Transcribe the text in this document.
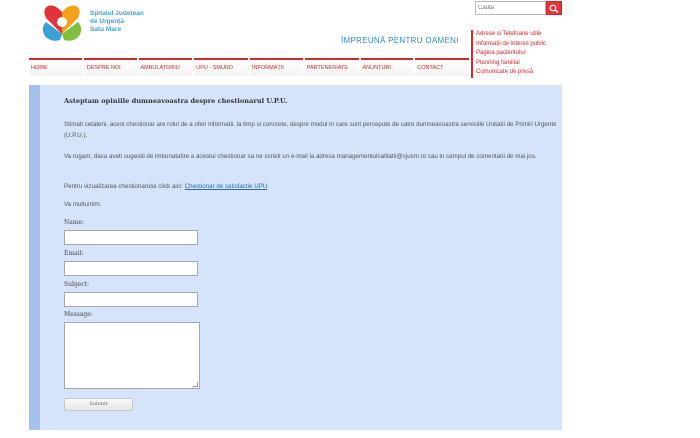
Spitalul Județean
de Urgență
Satu Mare
ÎMPREUNĂ PENTRU OAMENI
Caută
Adrese și Telefoane utile
Informații de interes public
Pagina pacientului
Planning familial
Comunicate de presă
HOME	DESPRE NOI	AMBULATORIU	UPU - SMURD	INFORMAȚII	PARTENERIATE	ANUNȚURI	CONTACT
Asteptam opiniile dumneavoastra despre chestionarul U.P.U.
Stimati cetateni, acest chestionar are rolul de a oferi informatii, la timp si concrete, despre modul in care sunt percepute de catre dumneavoastra serviciile Unitatii de Primiri Urgente (U.P.U.).
Va rugam, daca aveti sugestii de imbunatatire a acestui chestionar sa ne scrieti un e-mail la adresa managementulcalitatii@sjusm.ro sau in campul de comentarii de mai jos.
Pentru vizualizarea chestionarului click aici: Chestionar de satisfactie UPU.
Va multumim.
Name:
Email:
Subject:
Message:
Submit
